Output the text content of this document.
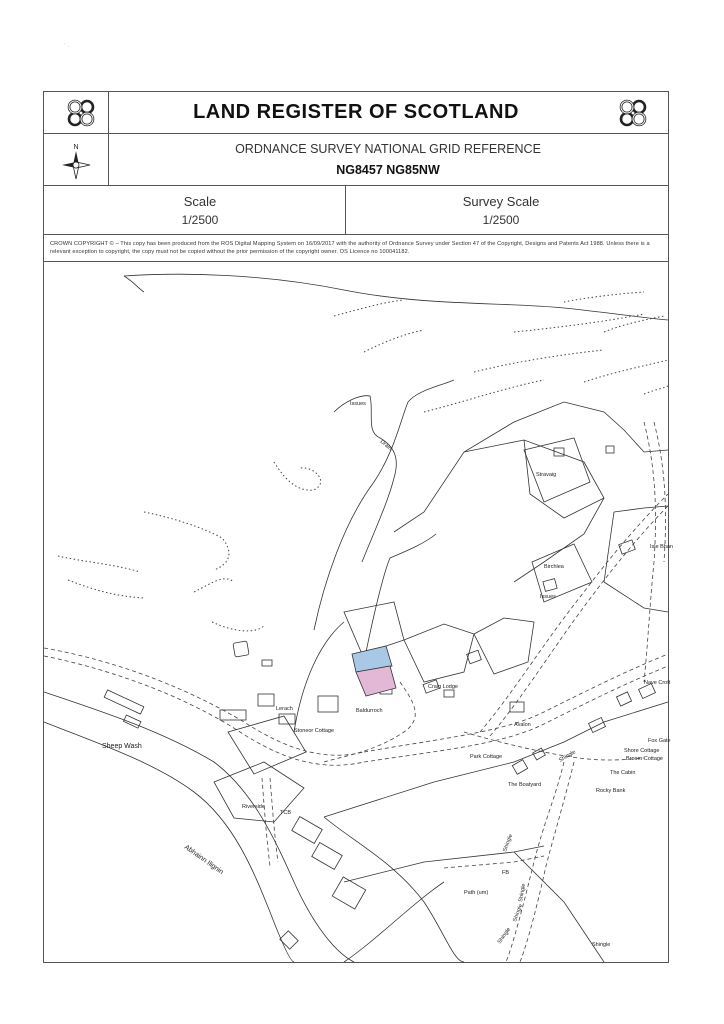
˙ ·
LAND REGISTER OF SCOTLAND
N	ORDNANCE SURVEY NATIONAL GRID REFERENCE
NG8457 NG85NW
Scale
1/2500
Survey Scale
1/2500
CROWN COPYRIGHT © – This copy has been produced from the ROS Digital Mapping System on 16/09/2017 with the authority of Ordnance Survey under Section 47 of the Copyright, Designs and Patents Act 1988. Unless there is a relevant exception to copyright, the copy must not be copied without the prior permission of the copyright owner. OS Licence no 100041182.
Issues
Drain
Stravaig
Birchlea
Issues
Baldurroch
Craig Lodge
Lerach
Stoneor Cottage
Riverside
Sheep Wash
TCB
Abhainn Ilignin	FB
Path (um)
Shingle
Shingle
Shingle	Shingle
Shingle
Shingle
Park Cottage
The Boatyard
The Cabin
Rocky Bank
Shore Cottage
Broom Cottage
Fox Gate
Nave Croft
Isle Bhan
Avalon
